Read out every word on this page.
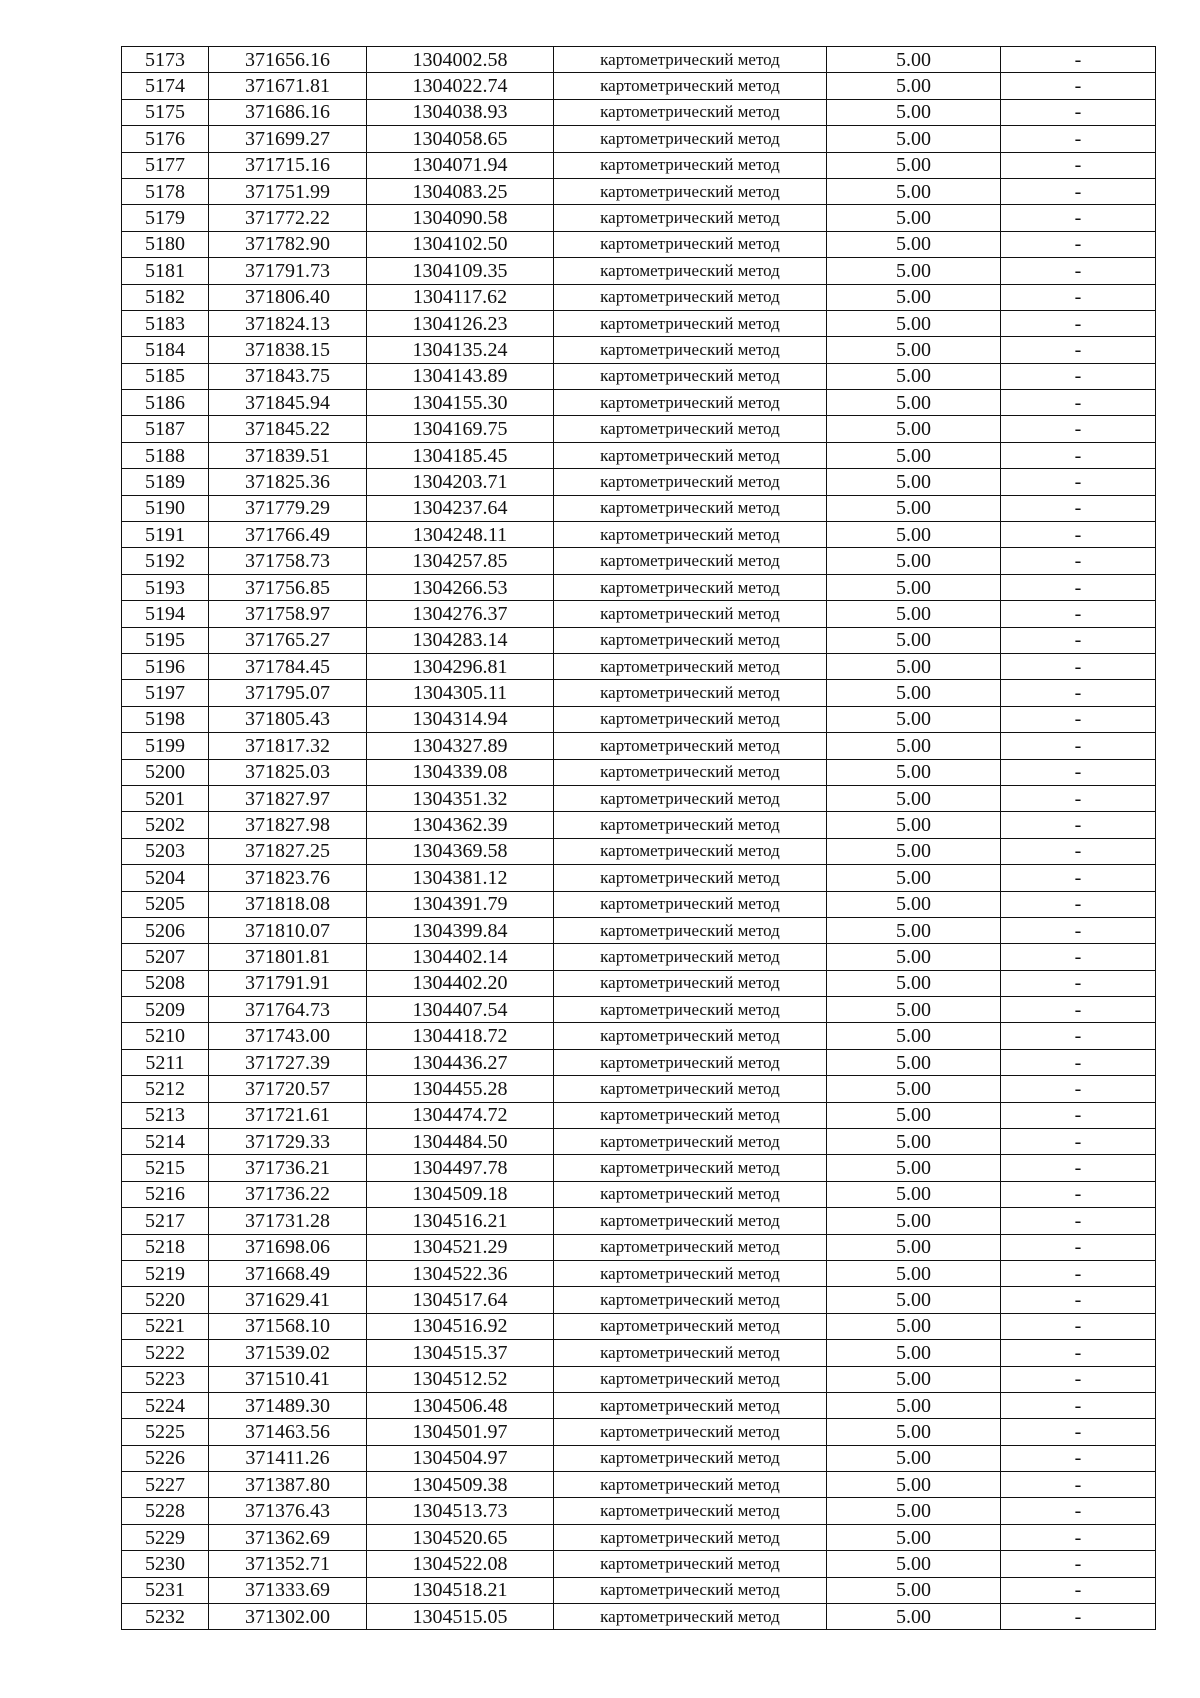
5173	371656.16	1304002.58	картометрический метод	5.00	-
5174	371671.81	1304022.74	картометрический метод	5.00	-
5175	371686.16	1304038.93	картометрический метод	5.00	-
5176	371699.27	1304058.65	картометрический метод	5.00	-
5177	371715.16	1304071.94	картометрический метод	5.00	-
5178	371751.99	1304083.25	картометрический метод	5.00	-
5179	371772.22	1304090.58	картометрический метод	5.00	-
5180	371782.90	1304102.50	картометрический метод	5.00	-
5181	371791.73	1304109.35	картометрический метод	5.00	-
5182	371806.40	1304117.62	картометрический метод	5.00	-
5183	371824.13	1304126.23	картометрический метод	5.00	-
5184	371838.15	1304135.24	картометрический метод	5.00	-
5185	371843.75	1304143.89	картометрический метод	5.00	-
5186	371845.94	1304155.30	картометрический метод	5.00	-
5187	371845.22	1304169.75	картометрический метод	5.00	-
5188	371839.51	1304185.45	картометрический метод	5.00	-
5189	371825.36	1304203.71	картометрический метод	5.00	-
5190	371779.29	1304237.64	картометрический метод	5.00	-
5191	371766.49	1304248.11	картометрический метод	5.00	-
5192	371758.73	1304257.85	картометрический метод	5.00	-
5193	371756.85	1304266.53	картометрический метод	5.00	-
5194	371758.97	1304276.37	картометрический метод	5.00	-
5195	371765.27	1304283.14	картометрический метод	5.00	-
5196	371784.45	1304296.81	картометрический метод	5.00	-
5197	371795.07	1304305.11	картометрический метод	5.00	-
5198	371805.43	1304314.94	картометрический метод	5.00	-
5199	371817.32	1304327.89	картометрический метод	5.00	-
5200	371825.03	1304339.08	картометрический метод	5.00	-
5201	371827.97	1304351.32	картометрический метод	5.00	-
5202	371827.98	1304362.39	картометрический метод	5.00	-
5203	371827.25	1304369.58	картометрический метод	5.00	-
5204	371823.76	1304381.12	картометрический метод	5.00	-
5205	371818.08	1304391.79	картометрический метод	5.00	-
5206	371810.07	1304399.84	картометрический метод	5.00	-
5207	371801.81	1304402.14	картометрический метод	5.00	-
5208	371791.91	1304402.20	картометрический метод	5.00	-
5209	371764.73	1304407.54	картометрический метод	5.00	-
5210	371743.00	1304418.72	картометрический метод	5.00	-
5211	371727.39	1304436.27	картометрический метод	5.00	-
5212	371720.57	1304455.28	картометрический метод	5.00	-
5213	371721.61	1304474.72	картометрический метод	5.00	-
5214	371729.33	1304484.50	картометрический метод	5.00	-
5215	371736.21	1304497.78	картометрический метод	5.00	-
5216	371736.22	1304509.18	картометрический метод	5.00	-
5217	371731.28	1304516.21	картометрический метод	5.00	-
5218	371698.06	1304521.29	картометрический метод	5.00	-
5219	371668.49	1304522.36	картометрический метод	5.00	-
5220	371629.41	1304517.64	картометрический метод	5.00	-
5221	371568.10	1304516.92	картометрический метод	5.00	-
5222	371539.02	1304515.37	картометрический метод	5.00	-
5223	371510.41	1304512.52	картометрический метод	5.00	-
5224	371489.30	1304506.48	картометрический метод	5.00	-
5225	371463.56	1304501.97	картометрический метод	5.00	-
5226	371411.26	1304504.97	картометрический метод	5.00	-
5227	371387.80	1304509.38	картометрический метод	5.00	-
5228	371376.43	1304513.73	картометрический метод	5.00	-
5229	371362.69	1304520.65	картометрический метод	5.00	-
5230	371352.71	1304522.08	картометрический метод	5.00	-
5231	371333.69	1304518.21	картометрический метод	5.00	-
5232	371302.00	1304515.05	картометрический метод	5.00	-
